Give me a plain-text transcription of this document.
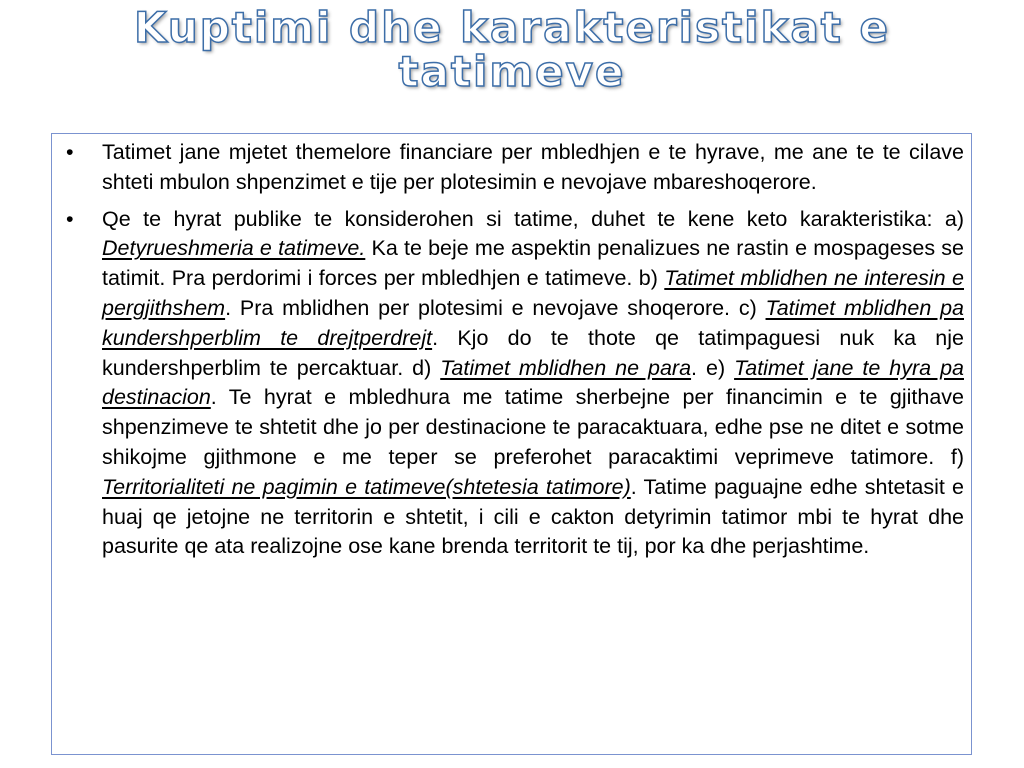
Kuptimi dhe karakteristikat e tatimeve
• Tatimet jane mjetet themelore financiare per mbledhjen e te hyrave, me ane te te cilave shteti mbulon shpenzimet e tije per plotesimin e nevojave mbareshoqerore.
• Qe te hyrat publike te konsiderohen si tatime, duhet te kene keto karakteristika: a) Detyrueshmeria e tatimeve. Ka te beje me aspektin penalizues ne rastin e mospageses se tatimit. Pra perdorimi i forces per mbledhjen e tatimeve. b) Tatimet mblidhen ne interesin e pergjithshem. Pra mblidhen per plotesimi e nevojave shoqerore. c) Tatimet mblidhen pa kundershperblim te drejtperdrejt. Kjo do te thote qe tatimpaguesi nuk ka nje kundershperblim te percaktuar. d) Tatimet mblidhen ne para. e) Tatimet jane te hyra pa destinacion. Te hyrat e mbledhura me tatime sherbejne per financimin e te gjithave shpenzimeve te shtetit dhe jo per destinacione te paracaktuara, edhe pse ne ditet e sotme shikojme gjithmone e me teper se preferohet paracaktimi veprimeve tatimore. f) Territorialiteti ne pagimin e tatimeve(shtetesia tatimore). Tatime paguajne edhe shtetasit e huaj qe jetojne ne territorin e shtetit, i cili e cakton detyrimin tatimor mbi te hyrat dhe pasurite qe ata realizojne ose kane brenda territorit te tij, por ka dhe perjashtime.
